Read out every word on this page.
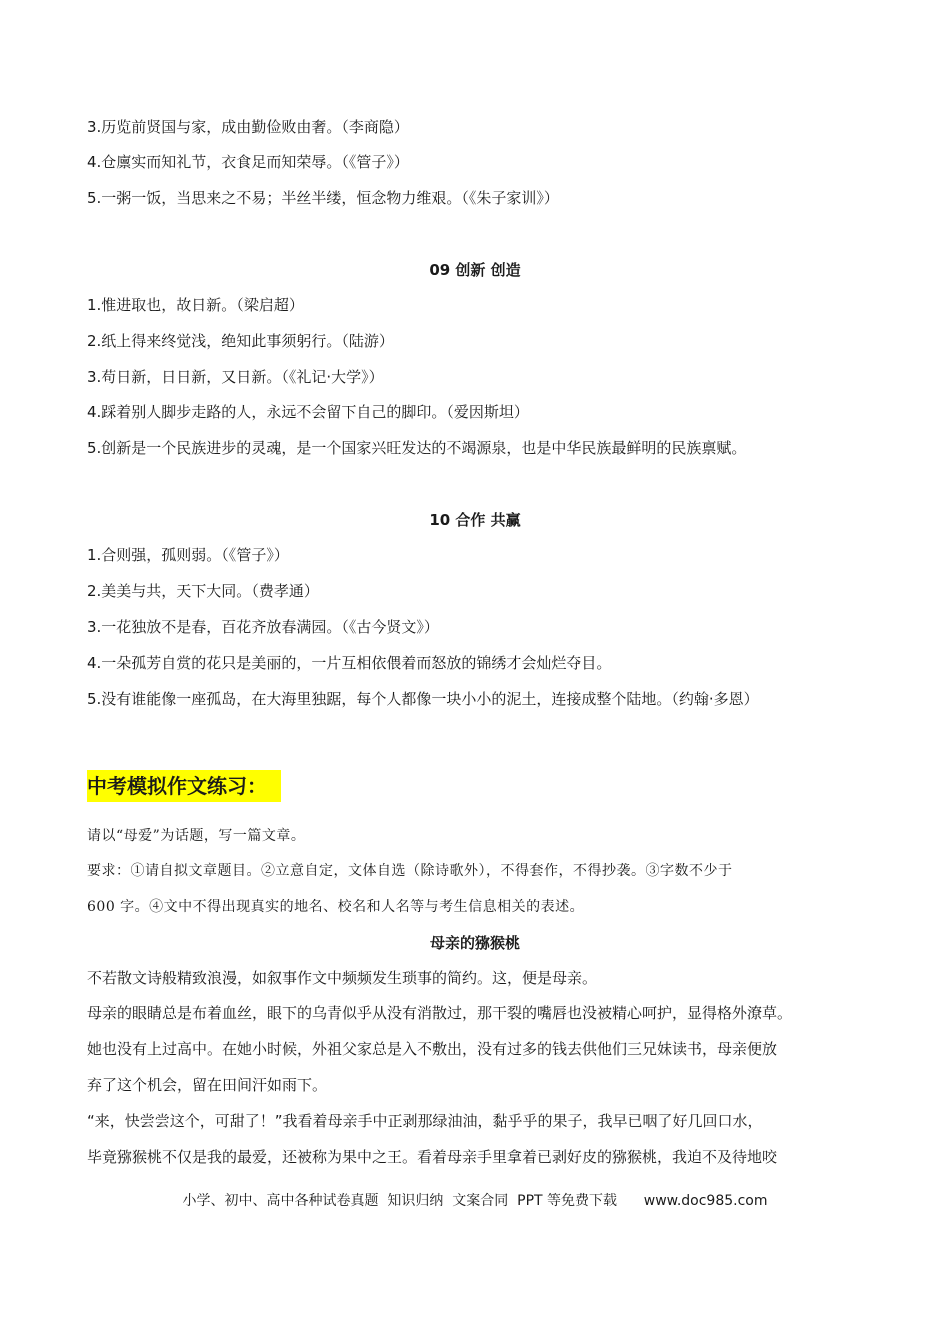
3.历览前贤国与家，成由勤俭败由奢。（李商隐）
4.仓廪实而知礼节，衣食足而知荣辱。（《管子》）
5.一粥一饭，当思来之不易；半丝半缕，恒念物力维艰。（《朱子家训》）
09 创新 创造
1.惟进取也，故日新。（梁启超）
2.纸上得来终觉浅，绝知此事须躬行。（陆游）
3.苟日新，日日新，又日新。（《礼记·大学》）
4.踩着别人脚步走路的人，永远不会留下自己的脚印。（爱因斯坦）
5.创新是一个民族进步的灵魂，是一个国家兴旺发达的不竭源泉，也是中华民族最鲜明的民族禀赋。
10 合作 共赢
1.合则强，孤则弱。（《管子》）
2.美美与共，天下大同。（费孝通）
3.一花独放不是春，百花齐放春满园。（《古今贤文》）
4.一朵孤芳自赏的花只是美丽的，一片互相依偎着而怒放的锦绣才会灿烂夺目。
5.没有谁能像一座孤岛，在大海里独踞，每个人都像一块小小的泥土，连接成整个陆地。（约翰·多恩）
中考模拟作文练习：
请以“母爱”为话题，写一篇文章。
要求：①请自拟文章题目。②立意自定，文体自选（除诗歌外），不得套作，不得抄袭。③字数不少于
600 字。④文中不得出现真实的地名、校名和人名等与考生信息相关的表述。
母亲的猕猴桃
不若散文诗般精致浪漫，如叙事作文中频频发生琐事的简约。这，便是母亲。
母亲的眼睛总是布着血丝，眼下的乌青似乎从没有消散过，那干裂的嘴唇也没被精心呵护，显得格外潦草。
她也没有上过高中。在她小时候，外祖父家总是入不敷出，没有过多的钱去供他们三兄妹读书，母亲便放
弃了这个机会，留在田间汗如雨下。
“来，快尝尝这个，可甜了！”我看着母亲手中正剥那绿油油，黏乎乎的果子，我早已咽了好几回口水，
毕竟猕猴桃不仅是我的最爱，还被称为果中之王。看着母亲手里拿着已剥好皮的猕猴桃，我迫不及待地咬
小学、初中、高中各种试卷真题  知识归纳  文案合同  PPT 等免费下载 www.doc985.com
